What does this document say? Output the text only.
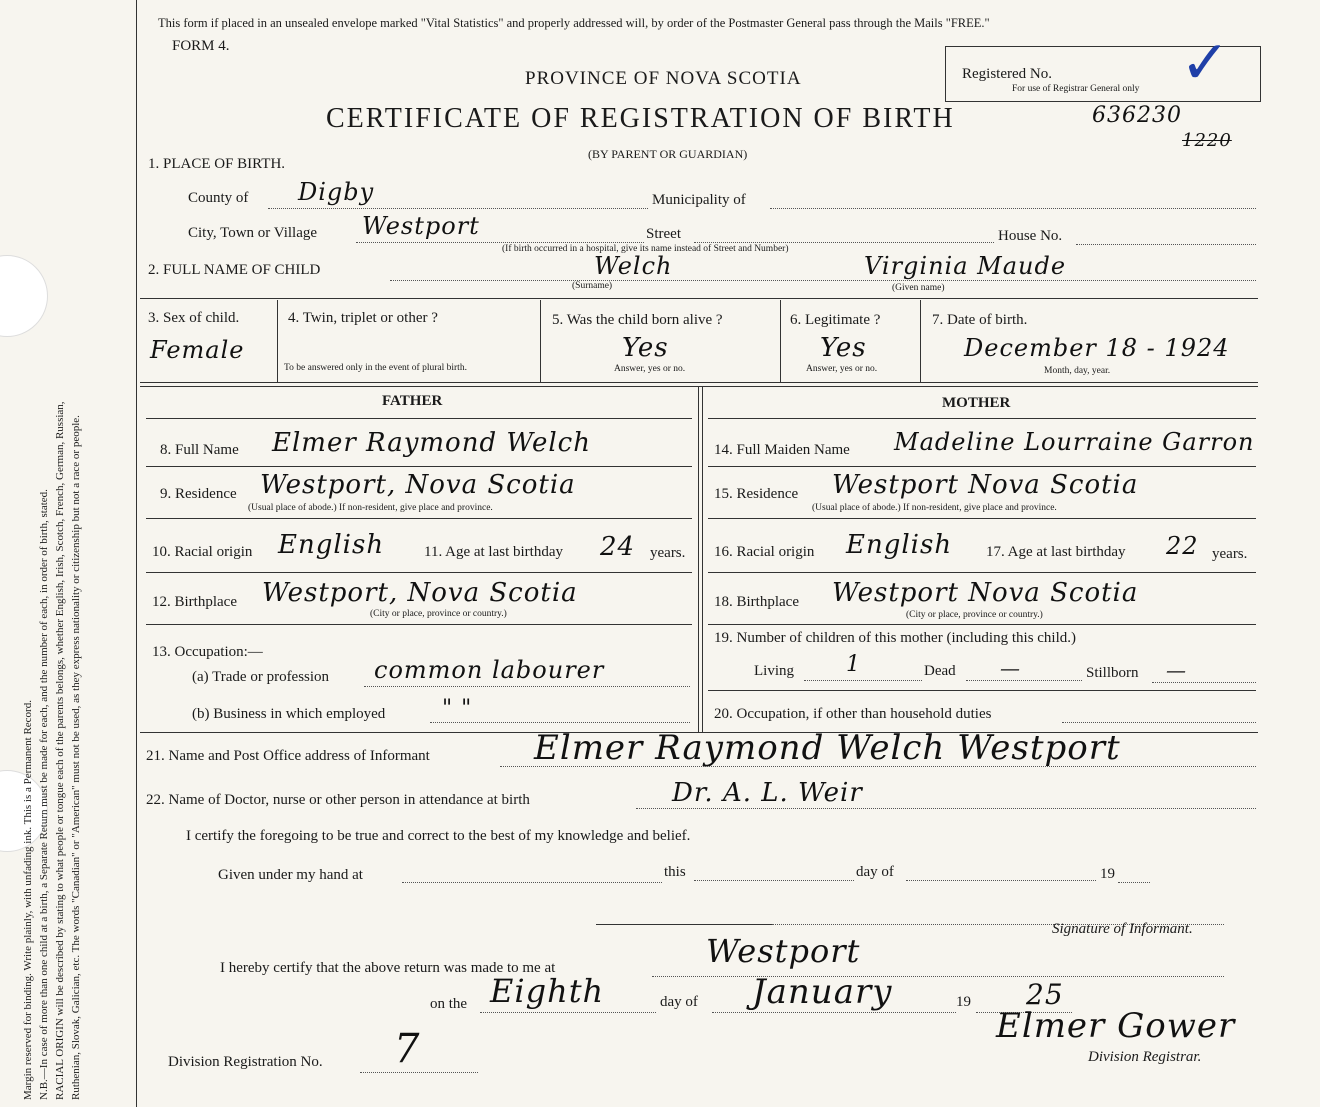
Margin reserved for binding. Write plainly, with unfading ink. This is a Permanent Record. N.B.—In case of more than one child at a birth, a Separate Return must be made for each, and the number of each, in order of birth, stated. RACIAL ORIGIN will be described by stating to what people or tongue each of the parents belongs, whether English, Irish, Scotch, French, German, Russian, Ruthenian, Slovak, Galician, etc. The words "Canadian" or "American" must not be used, as they express nationality or citizenship but not a race or people.
This form if placed in an unsealed envelope marked "Vital Statistics" and properly addressed will, by order of the Postmaster General pass through the Mails "FREE."
FORM 4.
PROVINCE OF NOVA SCOTIA
CERTIFICATE OF REGISTRATION OF BIRTH
(BY PARENT OR GUARDIAN)
Registered No.
For use of Registrar General only ✓
636230
1220
1. PLACE OF BIRTH.
County of Digby	Municipality of
City, Town or Village Westport	Street	House No.
(If birth occurred in a hospital, give its name instead of Street and Number)
2. FULL NAME OF CHILD	Welch
(Surname)
Virginia Maude
(Given name)
3. Sex of child.
Female
4. Twin, triplet or other ?
To be answered only in the event of plural birth.
5. Was the child born alive ?
Yes
Answer, yes or no.
6. Legitimate ?
Yes
Answer, yes or no.
7. Date of birth.
December 18 - 1924
Month, day, year.
FATHER	MOTHER
8. Full Name Elmer Raymond Welch
9. Residence Westport, Nova Scotia
(Usual place of abode.) If non-resident, give place and province.
10. Racial origin English	11. Age at last birthday 24 years.
12. Birthplace Westport, Nova Scotia
(City or place, province or country.)
13. Occupation:—
(a) Trade or profession common labourer
(b) Business in which employed	" "
14. Full Maiden Name Madeline Lourraine Garron
15. Residence Westport Nova Scotia
(Usual place of abode.) If non-resident, give place and province.
16. Racial origin English 17. Age at last birthday 22 years.
18. Birthplace Westport Nova Scotia
(City or place, province or country.)
19. Number of children of this mother (including this child.)
Living 1	Dead —	Stillborn —
20. Occupation, if other than household duties
21. Name and Post Office address of Informant	Elmer Raymond Welch Westport
22. Name of Doctor, nurse or other person in attendance at birth	Dr. A. L. Weir
I certify the foregoing to be true and correct to the best of my knowledge and belief.
Given under my hand at	this	day of	19
Signature of Informant.
I hereby certify that the above return was made to me at	Westport
on the Eighth	day of January	19 25
Elmer Gower
Division Registrar.
Division Registration No. 7
